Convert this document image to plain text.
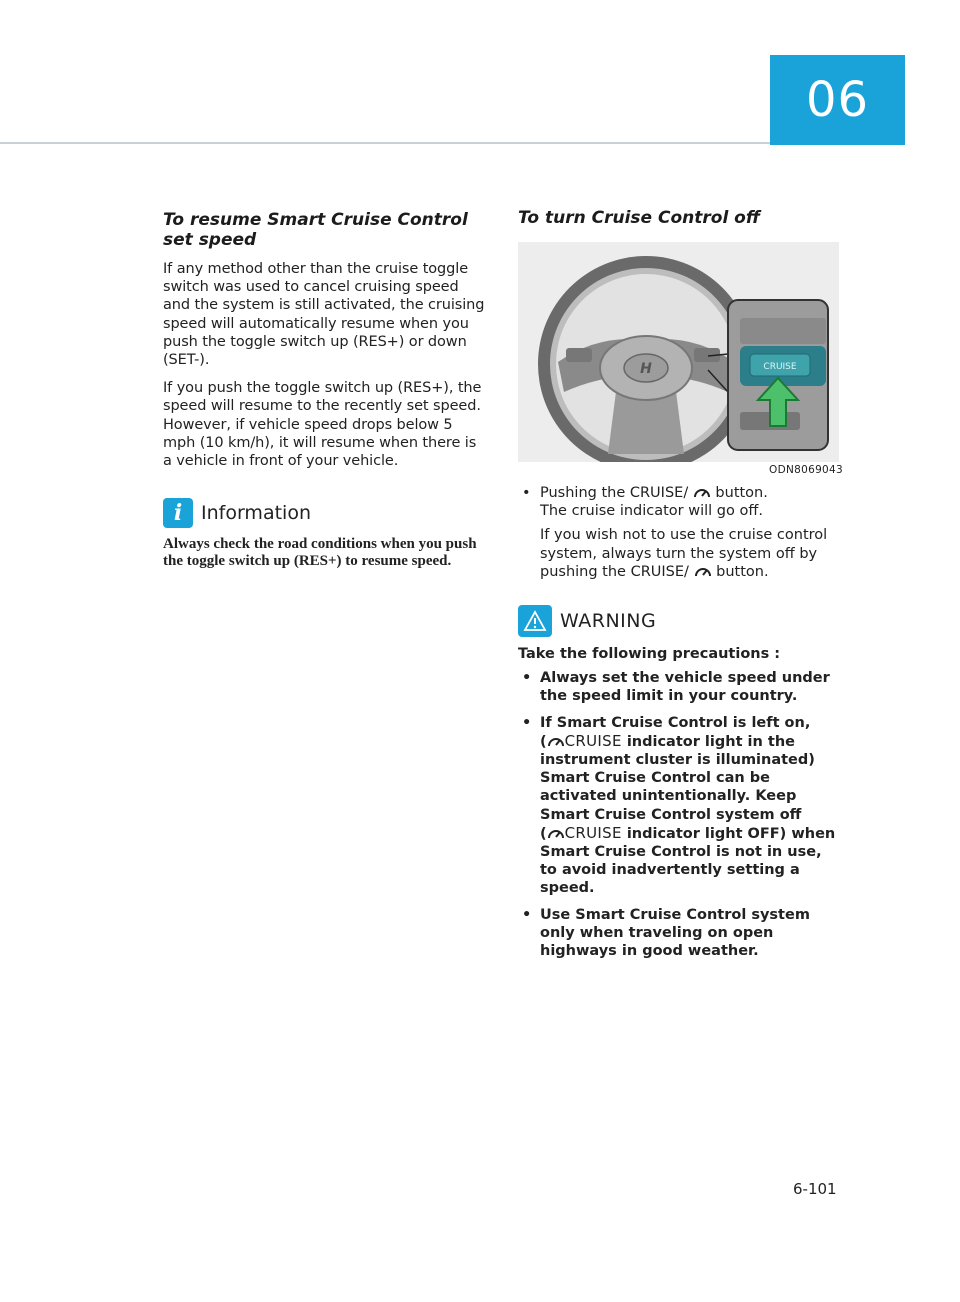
06
To resume Smart Cruise Control set speed

If any method other than the cruise toggle switch was used to cancel cruising speed and the system is still activated, the cruising speed will automatically resume when you push the toggle switch up (RES+) or down (SET-).

If you push the toggle switch up (RES+), the speed will resume to the recently set speed. However, if vehicle speed drops below 5 mph (10 km/h), it will resume when there is a vehicle in front of your vehicle.

i Information
Always check the road conditions when you push the toggle switch up (RES+) to resume speed.
To turn Cruise Control off
H	CRUISE
ODN8069043
• Pushing the CRUISE/ button.
The cruise indicator will go off.
If you wish not to use the cruise control system, always turn the system off by pushing the CRUISE/ button.
WARNING
Take the following precautions :
• Always set the vehicle speed under the speed limit in your country.
• If Smart Cruise Control is left on,
( CRUISE indicator light in the instrument cluster is illuminated) Smart Cruise Control can be activated unintentionally. Keep Smart Cruise Control system off
( CRUISE indicator light OFF) when Smart Cruise Control is not in use, to avoid inadvertently setting a speed.
• Use Smart Cruise Control system only when traveling on open highways in good weather.
6-101
